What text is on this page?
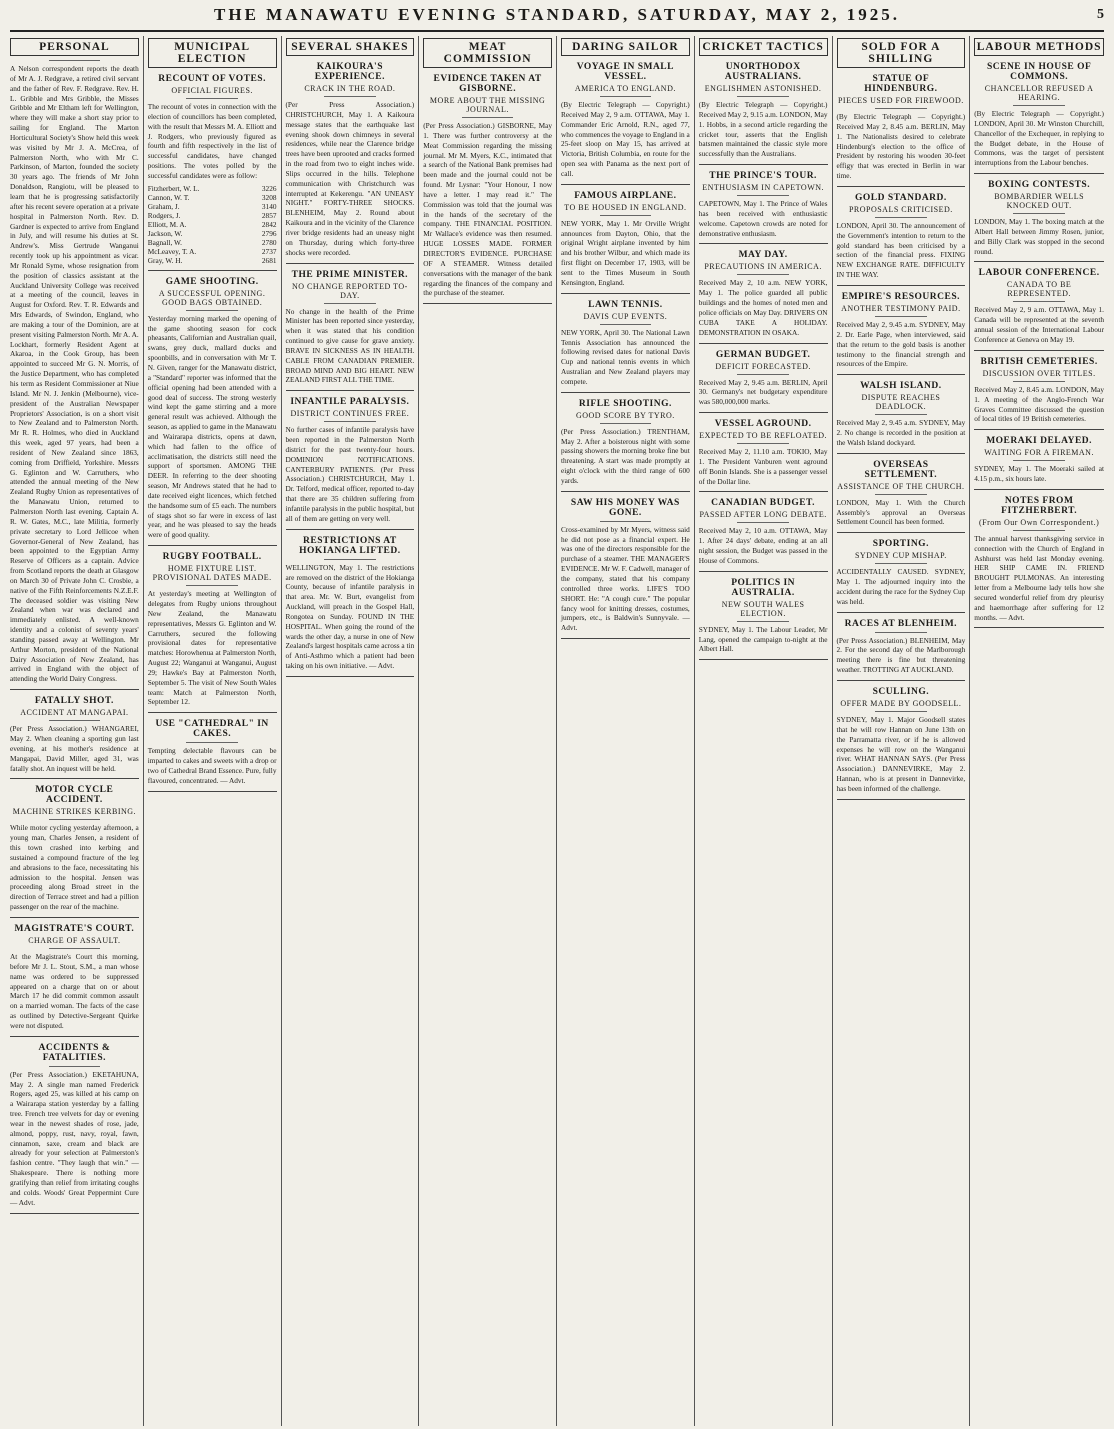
THE MANAWATU EVENING STANDARD, SATURDAY, MAY 2, 1925.	5
PERSONAL
A Nelson correspondent reports the death of Mr A. J. Redgrave, a retired civil servant and the father of Rev. F. Redgrave. Rev. H. L. Gribble and Mrs Gribble, the Misses Gribble and Mr Eltham left for Wellington, where they will make a short stay prior to sailing for England. The Marton Horticultural Society's Show held this week was visited by Mr J. A. McCrea, of Palmerston North, who with Mr C. Parkinson, of Marton, founded the society 30 years ago. The friends of Mr John Donaldson, Rangiotu, will be pleased to learn that he is progressing satisfactorily after his recent severe operation at a private hospital in Palmerston North. Rev. D. Gardner is expected to arrive from England in July, and will resume his duties at St. Andrew's. Miss Gertrude Wanganui recently took up his appointment as vicar. Mr Ronald Syme, whose resignation from the position of classics assistant at the Auckland University College was received at a meeting of the council, leaves in August for Oxford. Rev. T. R. Edwards and Mrs Edwards, of Swindon, England, who are making a tour of the Dominion, are at present visiting Palmerston North. Mr A. A. Lockhart, formerly Resident Agent at Akaroa, in the Cook Group, has been appointed to succeed Mr G. N. Morris, of the Justice Department, who has completed his term as Resident Commissioner at Niue Island. Mr N. J. Jenkin (Melbourne), vice-president of the Australian Newspaper Proprietors' Association, is on a short visit to New Zealand and to Palmerston North. Mr R. R. Holmes, who died in Auckland this week, aged 97 years, had been a resident of New Zealand since 1863, coming from Driffield, Yorkshire. Messrs G. Eglinton and W. Carruthers, who attended the annual meeting of the New Zealand Rugby Union as representatives of the Manawatu Union, returned to Palmerston North last evening. Captain A. R. W. Gates, M.C., late Militia, formerly private secretary to Lord Jellicoe when Governor-General of New Zealand, has been appointed to the Egyptian Army Reserve of Officers as a captain. Advice from Scotland reports the death at Glasgow on March 30 of Private John C. Crosbie, a native of the Fifth Reinforcements N.Z.E.F. The deceased soldier was visiting New Zealand when war was declared and immediately enlisted. A well-known identity and a colonist of seventy years' standing passed away at Wellington. Mr Arthur Morton, president of the National Dairy Association of New Zealand, has arrived in England with the object of attending the World Dairy Congress.
FATALLY SHOT.
ACCIDENT AT MANGAPAI.
(Per Press Association.) WHANGAREI, May 2. When cleaning a sporting gun last evening, at his mother's residence at Mangapai, David Miller, aged 31, was fatally shot. An inquest will be held.
MOTOR CYCLE ACCIDENT.
MACHINE STRIKES KERBING.
While motor cycling yesterday afternoon, a young man, Charles Jensen, a resident of this town crashed into kerbing and sustained a compound fracture of the leg and abrasions to the face, necessitating his admission to the hospital. Jensen was proceeding along Broad street in the direction of Terrace street and had a pillion passenger on the rear of the machine.
MAGISTRATE'S COURT.
CHARGE OF ASSAULT.
At the Magistrate's Court this morning, before Mr J. L. Stout, S.M., a man whose name was ordered to be suppressed appeared on a charge that on or about March 17 he did commit common assault on a married woman. The facts of the case as outlined by Detective-Sergeant Quirke were not disputed.
ACCIDENTS & FATALITIES.
(Per Press Association.) EKETAHUNA, May 2. A single man named Frederick Rogers, aged 25, was killed at his camp on a Wairarapa station yesterday by a falling tree. French tree velvets for day or evening wear in the newest shades of rose, jade, almond, poppy, rust, navy, royal, fawn, cinnamon, saxe, cream and black are already for your selection at Palmerston's fashion centre. "They laugh that win." — Shakespeare. There is nothing more gratifying than relief from irritating coughs and colds. Woods' Great Peppermint Cure — Advt.
MUNICIPAL ELECTION
RECOUNT OF VOTES.
OFFICIAL FIGURES.
The recount of votes in connection with the election of councillors has been completed, with the result that Messrs M. A. Elliott and J. Rodgers, who previously figured as fourth and fifth respectively in the list of successful candidates, have changed positions. The votes polled by the successful candidates were as follow:
Fitzherbert, W. L.	3226
Cannon, W. T.	3208
Graham, J.	3140
Rodgers, J.	2857
Elliott, M. A.	2842
Jackson, W.	2796
Bagnall, W.	2780
McLeavey, T. A.	2737
Gray, W. H.	2681
GAME SHOOTING.
A SUCCESSFUL OPENING. GOOD BAGS OBTAINED.
Yesterday morning marked the opening of the game shooting season for cock pheasants, Californian and Australian quail, swans, grey duck, mallard ducks and spoonbills, and in conversation with Mr T. N. Given, ranger for the Manawatu district, a "Standard" reporter was informed that the official opening had been attended with a good deal of success. The strong westerly wind kept the game stirring and a more general result was achieved. Although the season, as applied to game in the Manawatu and Wairarapa districts, opens at dawn, which had fallen to the office of acclimatisation, the districts still need the support of sportsmen. AMONG THE DEER. In referring to the deer shooting season, Mr Andrews stated that he had to date received eight licences, which fetched the handsome sum of £5 each. The numbers of stags shot so far were in excess of last year, and he was pleased to say the heads were of good quality.
RUGBY FOOTBALL.
HOME FIXTURE LIST. PROVISIONAL DATES MADE.
At yesterday's meeting at Wellington of delegates from Rugby unions throughout New Zealand, the Manawatu representatives, Messrs G. Eglinton and W. Carruthers, secured the following provisional dates for representative matches: Horowhenua at Palmerston North, August 22; Wanganui at Wanganui, August 29; Hawke's Bay at Palmerston North, September 5. The visit of New South Wales team: Match at Palmerston North, September 12.
USE "CATHEDRAL" IN CAKES.
Tempting delectable flavours can be imparted to cakes and sweets with a drop or two of Cathedral Brand Essence. Pure, fully flavoured, concentrated. — Advt.
SEVERAL SHAKES
KAIKOURA'S EXPERIENCE.
CRACK IN THE ROAD.
(Per Press Association.) CHRISTCHURCH, May 1. A Kaikoura message states that the earthquake last evening shook down chimneys in several residences, while near the Clarence bridge trees have been uprooted and cracks formed in the road from two to eight inches wide. Slips occurred in the hills. Telephone communication with Christchurch was interrupted at Kekerengu. "AN UNEASY NIGHT." FORTY-THREE SHOCKS. BLENHEIM, May 2. Round about Kaikoura and in the vicinity of the Clarence river bridge residents had an uneasy night on Thursday, during which forty-three shocks were recorded.
THE PRIME MINISTER.
NO CHANGE REPORTED TO-DAY.
No change in the health of the Prime Minister has been reported since yesterday, when it was stated that his condition continued to give cause for grave anxiety. BRAVE IN SICKNESS AS IN HEALTH. CABLE FROM CANADIAN PREMIER. BROAD MIND AND BIG HEART. NEW ZEALAND FIRST ALL THE TIME.
INFANTILE PARALYSIS.
DISTRICT CONTINUES FREE.
No further cases of infantile paralysis have been reported in the Palmerston North district for the past twenty-four hours. DOMINION NOTIFICATIONS. CANTERBURY PATIENTS. (Per Press Association.) CHRISTCHURCH, May 1. Dr. Telford, medical officer, reported to-day that there are 35 children suffering from infantile paralysis in the public hospital, but all of them are getting on very well.
RESTRICTIONS AT HOKIANGA LIFTED.
WELLINGTON, May 1. The restrictions are removed on the district of the Hokianga County, because of infantile paralysis in that area. Mr. W. Burt, evangelist from Auckland, will preach in the Gospel Hall, Rongotea on Sunday. FOUND IN THE HOSPITAL. When going the round of the wards the other day, a nurse in one of New Zealand's largest hospitals came across a tin of Anti-Asthmo which a patient had been taking on his own initiative. — Advt.
MEAT COMMISSION
EVIDENCE TAKEN AT GISBORNE.
MORE ABOUT THE MISSING JOURNAL.
(Per Press Association.) GISBORNE, May 1. There was further controversy at the Meat Commission regarding the missing journal. Mr M. Myers, K.C., intimated that a search of the National Bank premises had been made and the journal could not be found. Mr Lysnar: "Your Honour, I now have a letter. I may read it." The Commission was told that the journal was in the hands of the secretary of the company. THE FINANCIAL POSITION. Mr Wallace's evidence was then resumed. HUGE LOSSES MADE. FORMER DIRECTOR'S EVIDENCE. PURCHASE OF A STEAMER. Witness detailed conversations with the manager of the bank regarding the finances of the company and the purchase of the steamer.
DARING SAILOR
VOYAGE IN SMALL VESSEL.
AMERICA TO ENGLAND.
(By Electric Telegraph — Copyright.) Received May 2, 9 a.m. OTTAWA, May 1. Commander Eric Arnold, R.N., aged 77, who commences the voyage to England in a 25-feet sloop on May 15, has arrived at Victoria, British Columbia, en route for the open sea with Panama as the next port of call.
FAMOUS AIRPLANE.
TO BE HOUSED IN ENGLAND.
NEW YORK, May 1. Mr Orville Wright announces from Dayton, Ohio, that the original Wright airplane invented by him and his brother Wilbur, and which made its first flight on December 17, 1903, will be sent to the Times Museum in South Kensington, England.
LAWN TENNIS.
DAVIS CUP EVENTS.
NEW YORK, April 30. The National Lawn Tennis Association has announced the following revised dates for national Davis Cup and national tennis events in which Australian and New Zealand players may compete.
RIFLE SHOOTING.
GOOD SCORE BY TYRO.
(Per Press Association.) TRENTHAM, May 2. After a boisterous night with some passing showers the morning broke fine but threatening. A start was made promptly at eight o'clock with the third range of 600 yards.
SAW HIS MONEY WAS GONE.
Cross-examined by Mr Myers, witness said he did not pose as a financial expert. He was one of the directors responsible for the purchase of a steamer. THE MANAGER'S EVIDENCE. Mr W. F. Cadwell, manager of the company, stated that his company controlled three works. LIFE'S TOO SHORT. He: "A cough cure." The popular fancy wool for knitting dresses, costumes, jumpers, etc., is Baldwin's Sunnyvale. — Advt.
CRICKET TACTICS
UNORTHODOX AUSTRALIANS.
ENGLISHMEN ASTONISHED.
(By Electric Telegraph — Copyright.) Received May 2, 9.15 a.m. LONDON, May 1. Hobbs, in a second article regarding the cricket tour, asserts that the English batsmen maintained the classic style more successfully than the Australians.
THE PRINCE'S TOUR.
ENTHUSIASM IN CAPETOWN.
CAPETOWN, May 1. The Prince of Wales has been received with enthusiastic welcome. Capetown crowds are noted for demonstrative enthusiasm.
MAY DAY.
PRECAUTIONS IN AMERICA.
Received May 2, 10 a.m. NEW YORK, May 1. The police guarded all public buildings and the homes of noted men and police officials on May Day. DRIVERS ON CUBA TAKE A HOLIDAY. DEMONSTRATION IN OSAKA.
GERMAN BUDGET.
DEFICIT FORECASTED.
Received May 2, 9.45 a.m. BERLIN, April 30. Germany's net budgetary expenditure was 580,000,000 marks.
VESSEL AGROUND.
EXPECTED TO BE REFLOATED.
Received May 2, 11.10 a.m. TOKIO, May 1. The President Vanburen went aground off Bonin Islands. She is a passenger vessel of the Dollar line.
CANADIAN BUDGET.
PASSED AFTER LONG DEBATE.
Received May 2, 10 a.m. OTTAWA, May 1. After 24 days' debate, ending at an all night session, the Budget was passed in the House of Commons.
POLITICS IN AUSTRALIA.
NEW SOUTH WALES ELECTION.
SYDNEY, May 1. The Labour Leader, Mr Lang, opened the campaign to-night at the Albert Hall.
SOLD FOR A SHILLING
STATUE OF HINDENBURG.
PIECES USED FOR FIREWOOD.
(By Electric Telegraph — Copyright.) Received May 2, 8.45 a.m. BERLIN, May 1. The Nationalists desired to celebrate Hindenburg's election to the office of President by restoring his wooden 30-feet effigy that was erected in Berlin in war time.
GOLD STANDARD.
PROPOSALS CRITICISED.
LONDON, April 30. The announcement of the Government's intention to return to the gold standard has been criticised by a section of the financial press. FIXING NEW EXCHANGE RATE. DIFFICULTY IN THE WAY.
EMPIRE'S RESOURCES.
ANOTHER TESTIMONY PAID.
Received May 2, 9.45 a.m. SYDNEY, May 2. Dr. Earle Page, when interviewed, said that the return to the gold basis is another testimony to the financial strength and resources of the Empire.
WALSH ISLAND.
DISPUTE REACHES DEADLOCK.
Received May 2, 9.45 a.m. SYDNEY, May 2. No change is recorded in the position at the Walsh Island dockyard.
OVERSEAS SETTLEMENT.
ASSISTANCE OF THE CHURCH.
LONDON, May 1. With the Church Assembly's approval an Overseas Settlement Council has been formed.
SPORTING.
SYDNEY CUP MISHAP.
ACCIDENTALLY CAUSED. SYDNEY, May 1. The adjourned inquiry into the accident during the race for the Sydney Cup was held.
RACES AT BLENHEIM.
(Per Press Association.) BLENHEIM, May 2. For the second day of the Marlborough meeting there is fine but threatening weather. TROTTING AT AUCKLAND.
SCULLING.
OFFER MADE BY GOODSELL.
SYDNEY, May 1. Major Goodsell states that he will row Hannan on June 13th on the Parramatta river, or if he is allowed expenses he will row on the Wanganui river. WHAT HANNAN SAYS. (Per Press Association.) DANNEVIRKE, May 2. Hannan, who is at present in Dannevirke, has been informed of the challenge.
LABOUR METHODS
SCENE IN HOUSE OF COMMONS.
CHANCELLOR REFUSED A HEARING.
(By Electric Telegraph — Copyright.) LONDON, April 30. Mr Winston Churchill, Chancellor of the Exchequer, in replying to the Budget debate, in the House of Commons, was the target of persistent interruptions from the Labour benches.
BOXING CONTESTS.
BOMBARDIER WELLS KNOCKED OUT.
LONDON, May 1. The boxing match at the Albert Hall between Jimmy Rosen, junior, and Billy Clark was stopped in the second round.
LABOUR CONFERENCE.
CANADA TO BE REPRESENTED.
Received May 2, 9 a.m. OTTAWA, May 1. Canada will be represented at the seventh annual session of the International Labour Conference at Geneva on May 19.
BRITISH CEMETERIES.
DISCUSSION OVER TITLES.
Received May 2, 8.45 a.m. LONDON, May 1. A meeting of the Anglo-French War Graves Committee discussed the question of local titles of 19 British cemeteries.
MOERAKI DELAYED.
WAITING FOR A FIREMAN.
SYDNEY, May 1. The Moeraki sailed at 4.15 p.m., six hours late.
NOTES FROM FITZHERBERT.
(From Our Own Correspondent.)
The annual harvest thanksgiving service in connection with the Church of England in Ashhurst was held last Monday evening. HER SHIP CAME IN. FRIEND BROUGHT PULMONAS. An interesting letter from a Melbourne lady tells how she secured wonderful relief from dry pleurisy and haemorrhage after suffering for 12 months. — Advt.
